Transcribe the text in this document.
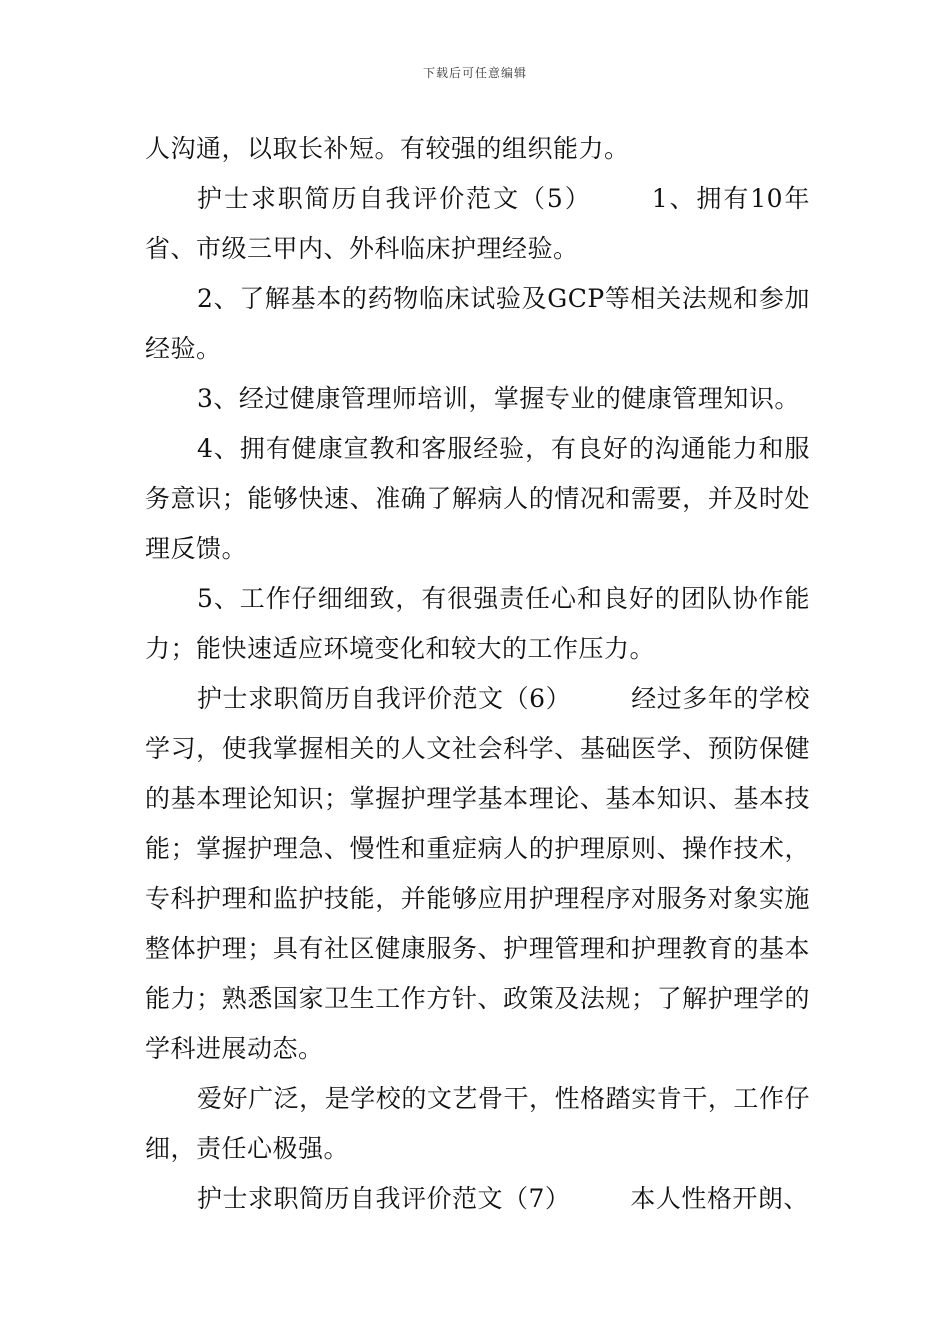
下载后可任意编辑

人沟通，以取长补短。有较强的组织能力。

护士求职简历自我评价范文（5） 1、拥有10年省、市级三甲内、外科临床护理经验。

2、了解基本的药物临床试验及GCP等相关法规和参加经验。

3、经过健康管理师培训，掌握专业的健康管理知识。

4、拥有健康宣教和客服经验，有良好的沟通能力和服务意识；能够快速、准确了解病人的情况和需要，并及时处理反馈。

5、工作仔细细致，有很强责任心和良好的团队协作能力；能快速适应环境变化和较大的工作压力。

护士求职简历自我评价范文（6） 经过多年的学校学习，使我掌握相关的人文社会科学、基础医学、预防保健的基本理论知识；掌握护理学基本理论、基本知识、基本技能；掌握护理急、慢性和重症病人的护理原则、操作技术，专科护理和监护技能，并能够应用护理程序对服务对象实施整体护理；具有社区健康服务、护理管理和护理教育的基本能力；熟悉国家卫生工作方针、政策及法规；了解护理学的学科进展动态。

爱好广泛，是学校的文艺骨干，性格踏实肯干，工作仔细，责任心极强。

护士求职简历自我评价范文（7） 本人性格开朗、
